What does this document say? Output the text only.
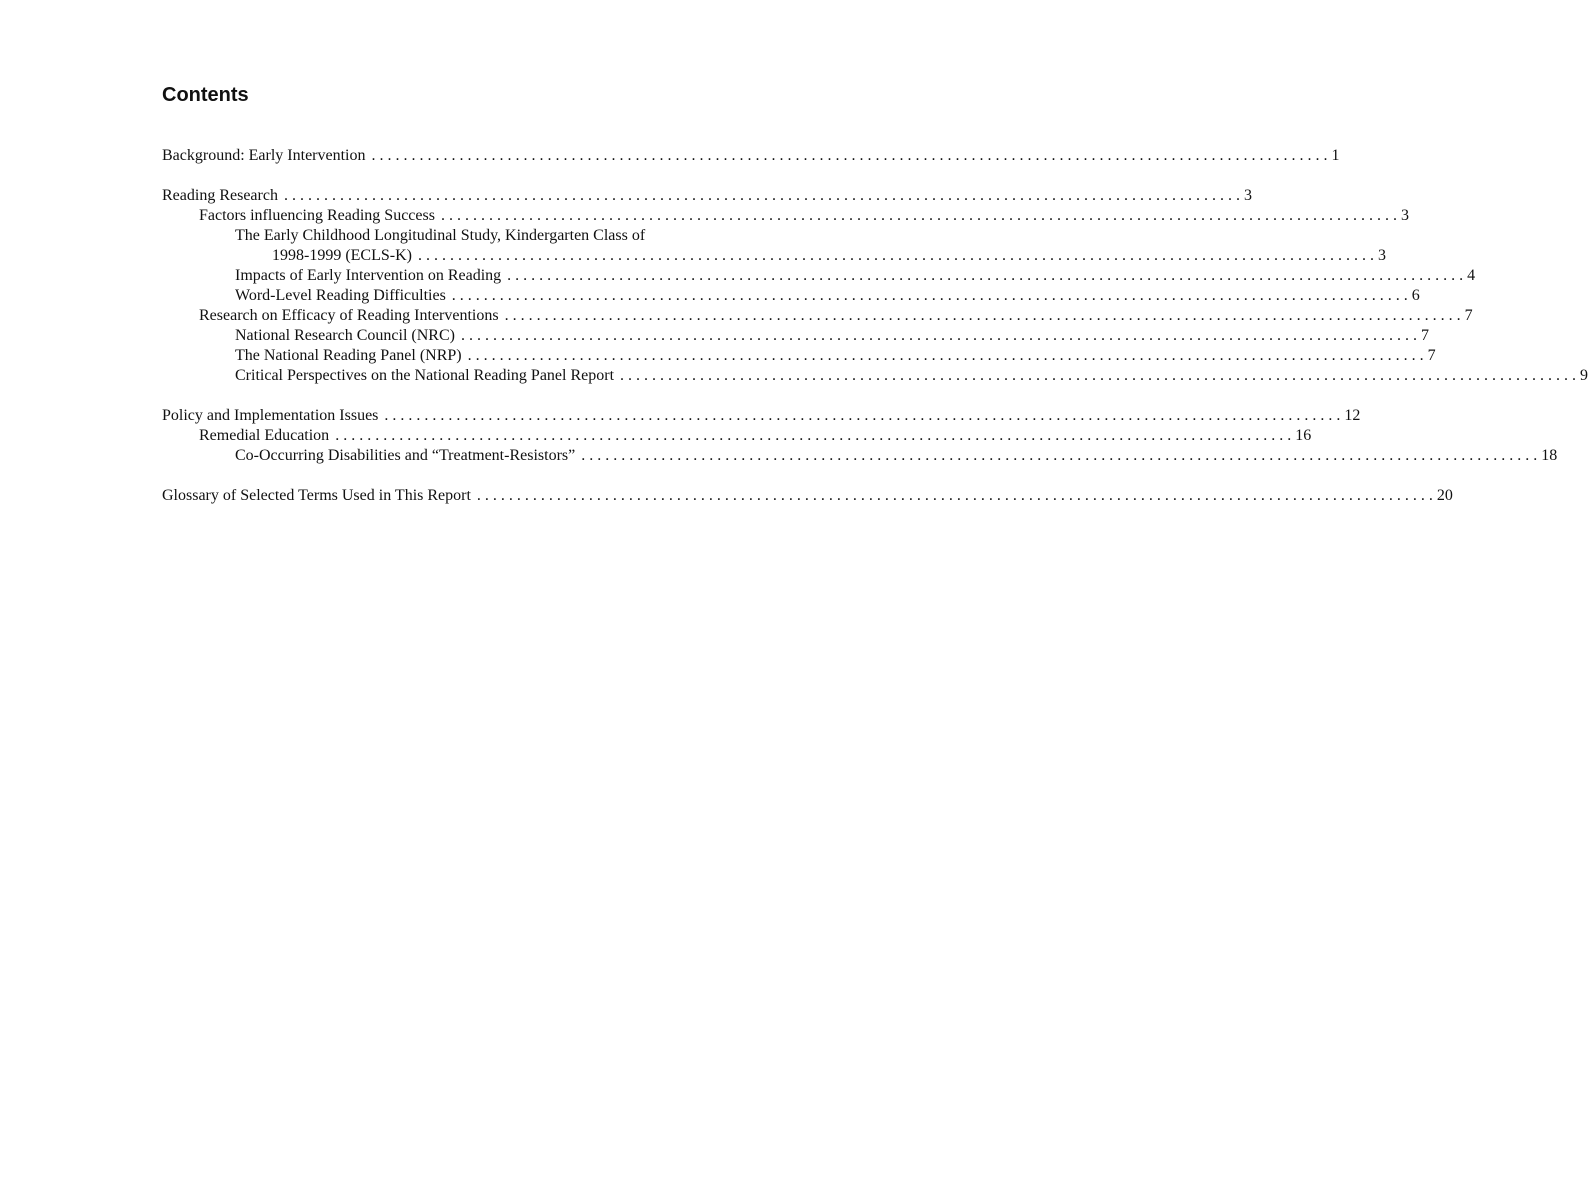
Contents
Background: Early Intervention . . . . . . . . . . . . . . . . . . . . . . . . . . . . . . . . . . . . . . . . . . . . . . . . . . . . . . . . . . . . . . . . . . . . . . . . . . . . . . . . . . . . . . . . . . . . . . . . . . . . . . . . . . . . . . . . . . . . . . . . 1
Reading Research . . . . . . . . . . . . . . . . . . . . . . . . . . . . . . . . . . . . . . . . . . . . . . . . . . . . . . . . . . . . . . . . . . . . . . . . . . . . . . . . . . . . . . . . . . . . . . . . . . . . . . . . . . . . . . . . . . . . . . . . 3
Factors influencing Reading Success . . . . . . . . . . . . . . . . . . . . . . . . . . . . . . . . . . . . . . . . . . . . . . . . . . . . . . . . . . . . . . . . . . . . . . . . . . . . . . . . . . . . . . . . . . . . . . . . . . . . . . . . . . . . . . . . . . . . . . . . 3
The Early Childhood Longitudinal Study, Kindergarten Class of
1998-1999 (ECLS-K) . . . . . . . . . . . . . . . . . . . . . . . . . . . . . . . . . . . . . . . . . . . . . . . . . . . . . . . . . . . . . . . . . . . . . . . . . . . . . . . . . . . . . . . . . . . . . . . . . . . . . . . . . . . . . . . . . . . . . . . . 3
Impacts of Early Intervention on Reading . . . . . . . . . . . . . . . . . . . . . . . . . . . . . . . . . . . . . . . . . . . . . . . . . . . . . . . . . . . . . . . . . . . . . . . . . . . . . . . . . . . . . . . . . . . . . . . . . . . . . . . . . . . . . . . . . . . . . . . . 4
Word-Level Reading Difficulties . . . . . . . . . . . . . . . . . . . . . . . . . . . . . . . . . . . . . . . . . . . . . . . . . . . . . . . . . . . . . . . . . . . . . . . . . . . . . . . . . . . . . . . . . . . . . . . . . . . . . . . . . . . . . . . . . . . . . . . . 6
Research on Efficacy of Reading Interventions . . . . . . . . . . . . . . . . . . . . . . . . . . . . . . . . . . . . . . . . . . . . . . . . . . . . . . . . . . . . . . . . . . . . . . . . . . . . . . . . . . . . . . . . . . . . . . . . . . . . . . . . . . . . . . . . . . . . . . . . 7
National Research Council (NRC) . . . . . . . . . . . . . . . . . . . . . . . . . . . . . . . . . . . . . . . . . . . . . . . . . . . . . . . . . . . . . . . . . . . . . . . . . . . . . . . . . . . . . . . . . . . . . . . . . . . . . . . . . . . . . . . . . . . . . . . . 7
The National Reading Panel (NRP) . . . . . . . . . . . . . . . . . . . . . . . . . . . . . . . . . . . . . . . . . . . . . . . . . . . . . . . . . . . . . . . . . . . . . . . . . . . . . . . . . . . . . . . . . . . . . . . . . . . . . . . . . . . . . . . . . . . . . . . . 7
Critical Perspectives on the National Reading Panel Report . . . . . . . . . . . . . . . . . . . . . . . . . . . . . . . . . . . . . . . . . . . . . . . . . . . . . . . . . . . . . . . . . . . . . . . . . . . . . . . . . . . . . . . . . . . . . . . . . . . . . . . . . . . . . . . . . . . . . . . . 9
Policy and Implementation Issues . . . . . . . . . . . . . . . . . . . . . . . . . . . . . . . . . . . . . . . . . . . . . . . . . . . . . . . . . . . . . . . . . . . . . . . . . . . . . . . . . . . . . . . . . . . . . . . . . . . . . . . . . . . . . . . . . . . . . . . . 12
Remedial Education . . . . . . . . . . . . . . . . . . . . . . . . . . . . . . . . . . . . . . . . . . . . . . . . . . . . . . . . . . . . . . . . . . . . . . . . . . . . . . . . . . . . . . . . . . . . . . . . . . . . . . . . . . . . . . . . . . . . . . . . 16
Co-Occurring Disabilities and “Treatment-Resistors” . . . . . . . . . . . . . . . . . . . . . . . . . . . . . . . . . . . . . . . . . . . . . . . . . . . . . . . . . . . . . . . . . . . . . . . . . . . . . . . . . . . . . . . . . . . . . . . . . . . . . . . . . . . . . . . . . . . . . . . . 18
Glossary of Selected Terms Used in This Report . . . . . . . . . . . . . . . . . . . . . . . . . . . . . . . . . . . . . . . . . . . . . . . . . . . . . . . . . . . . . . . . . . . . . . . . . . . . . . . . . . . . . . . . . . . . . . . . . . . . . . . . . . . . . . . . . . . . . . . . 20
